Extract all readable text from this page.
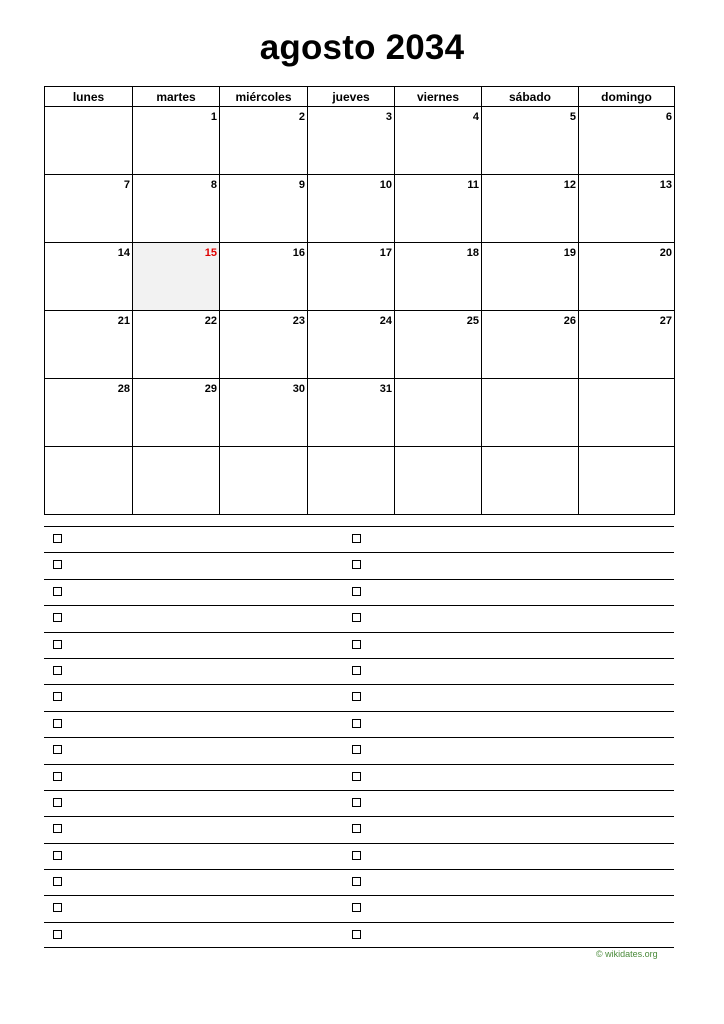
agosto 2034
lunes	martes	miércoles	jueves	viernes	sábado	domingo
	1	2	3	4	5	6
7	8	9	10	11	12	13
14	15	16	17	18	19	20
21	22	23	24	25	26	27
28	29	30	31			

© wikidates.org
